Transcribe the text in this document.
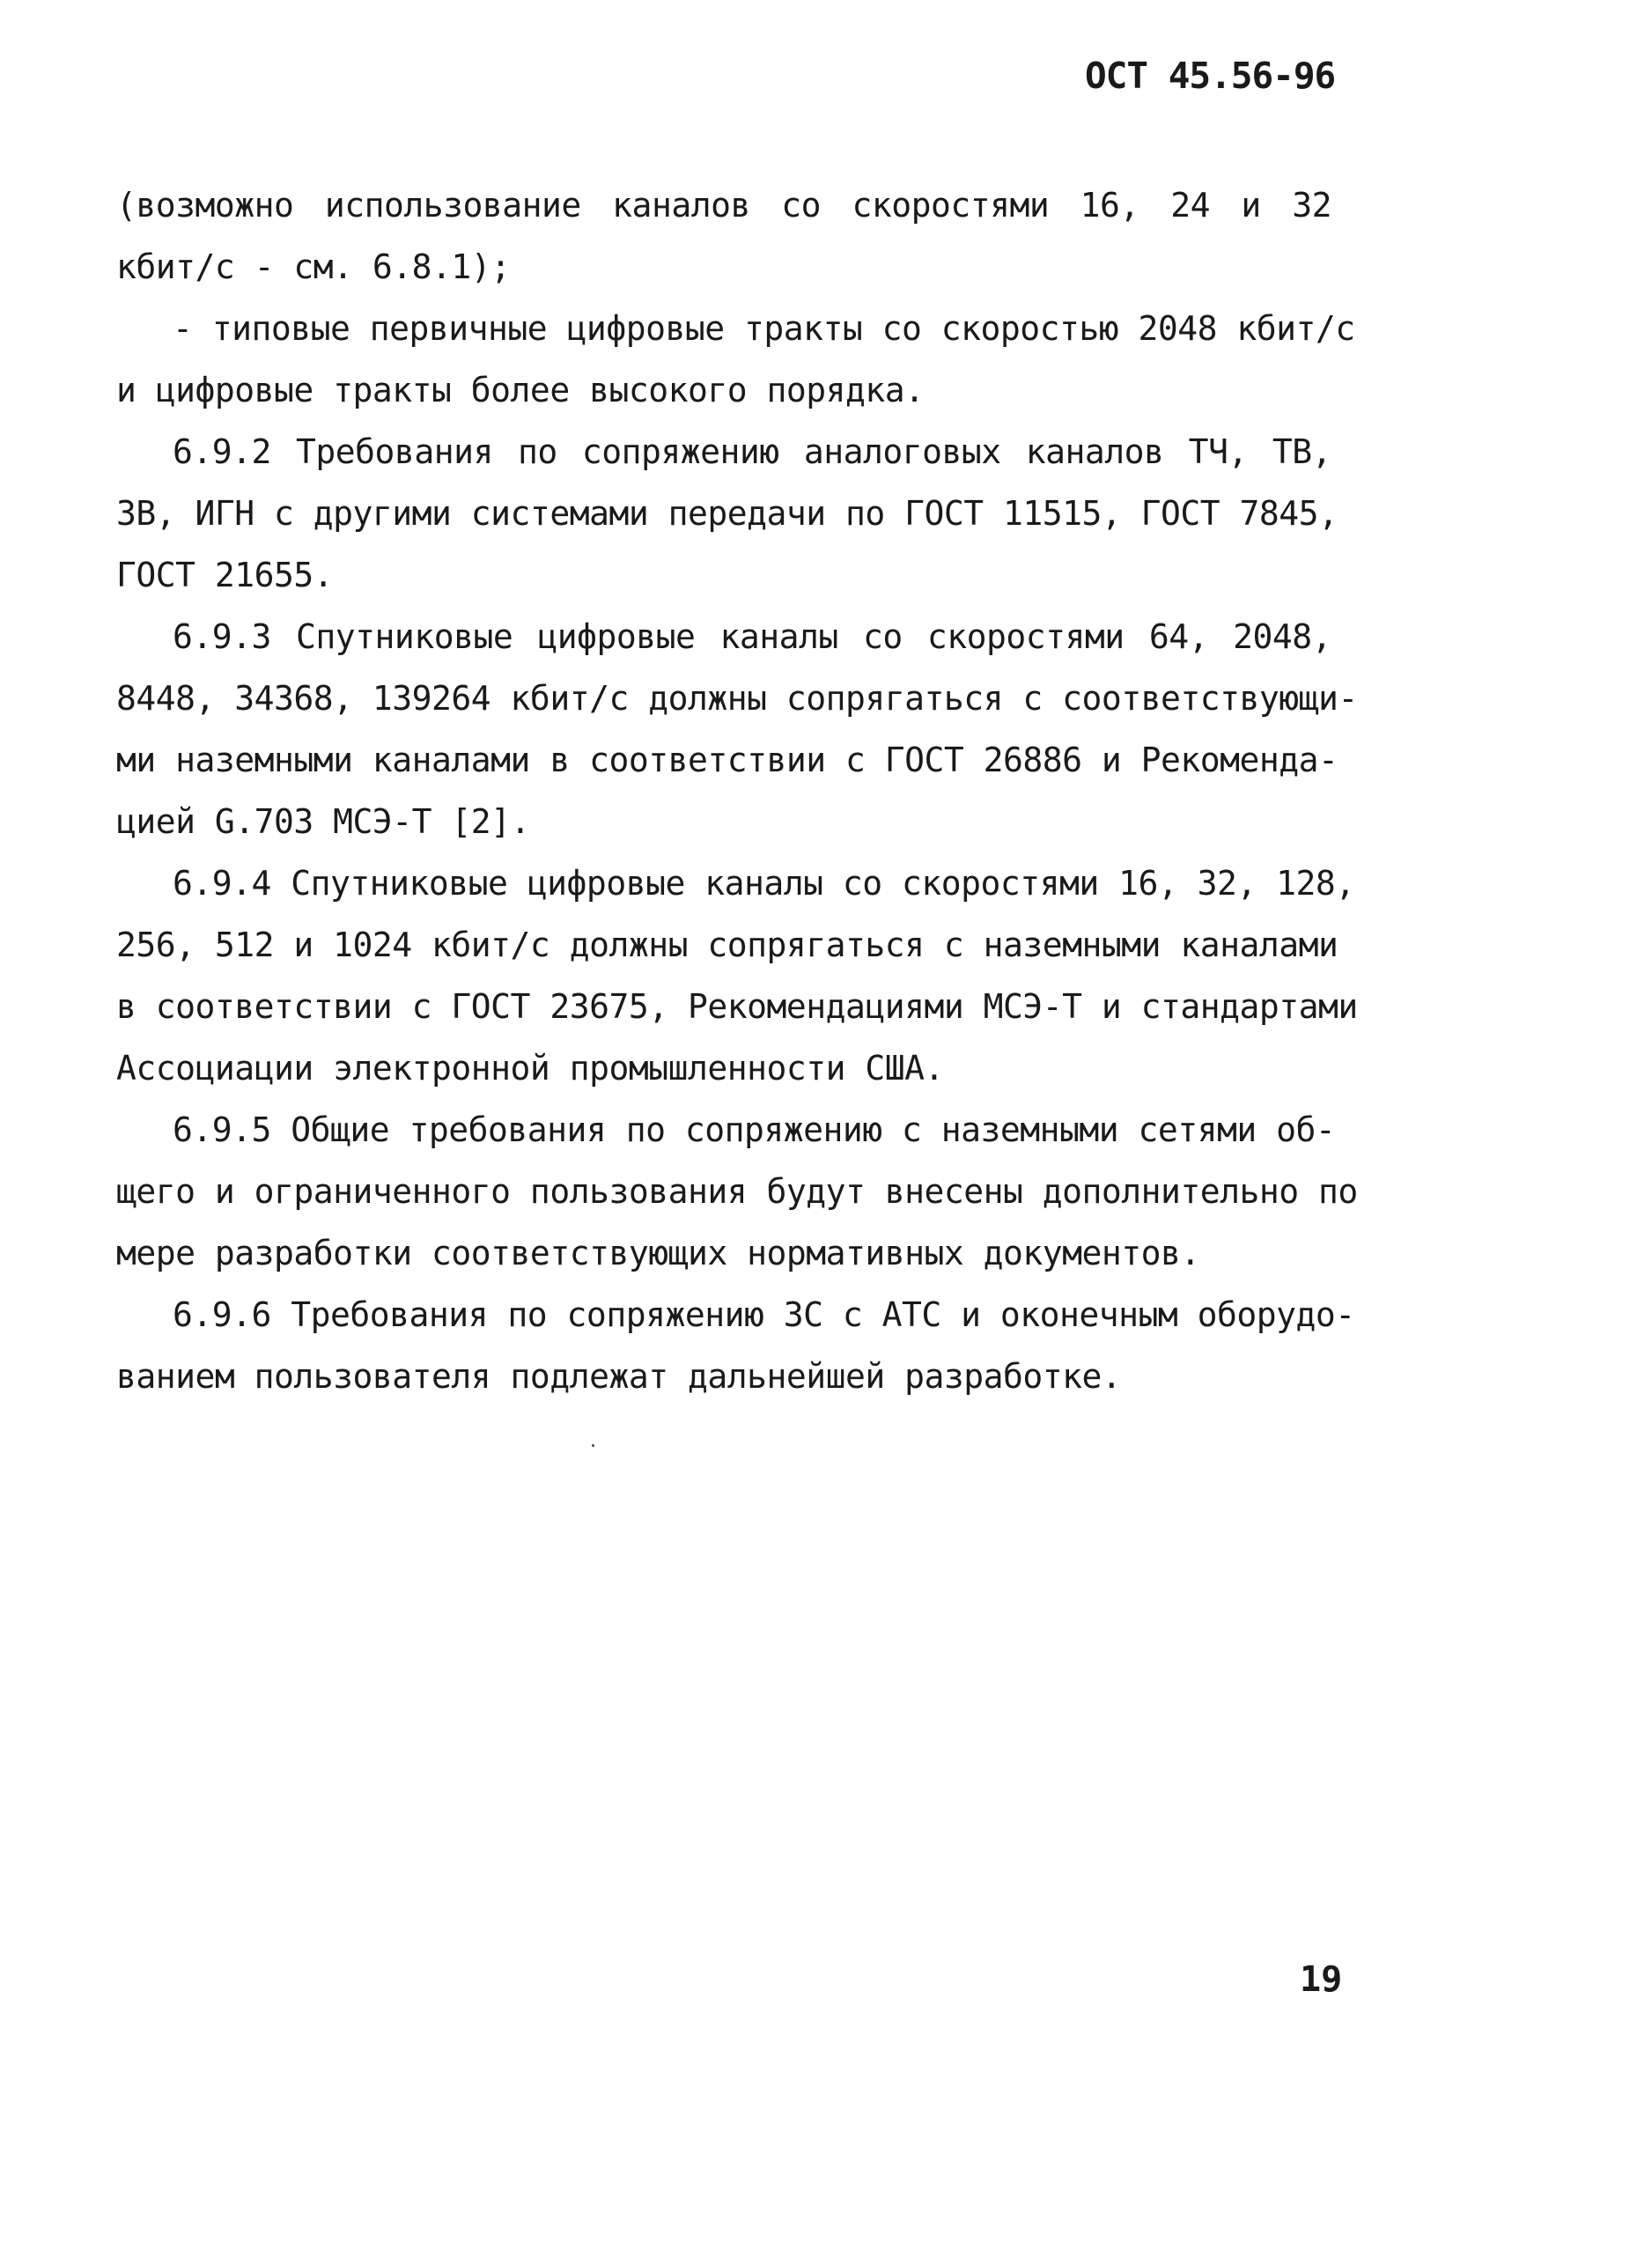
ОСТ 45.56-96
(возможно использование каналов со скоростями 16, 24 и 32
кбит/с - см. 6.8.1);
- типовые первичные цифровые тракты со скоростью 2048 кбит/с
и цифровые тракты более высокого порядка.
6.9.2 Требования по сопряжению аналоговых каналов ТЧ, ТВ,
ЗВ, ИГН с другими системами передачи по ГОСТ 11515, ГОСТ 7845,
ГОСТ 21655.
6.9.3 Спутниковые цифровые каналы со скоростями 64, 2048,
8448, 34368, 139264 кбит/с должны сопрягаться с соответствующи-
ми наземными каналами в соответствии с ГОСТ 26886 и Рекоменда-
цией G.703 МСЭ-Т [2].
6.9.4 Спутниковые цифровые каналы со скоростями 16, 32, 128,
256, 512 и 1024 кбит/с должны сопрягаться с наземными каналами
в соответствии с ГОСТ 23675, Рекомендациями МСЭ-Т и стандартами
Ассоциации электронной промышленности США.
6.9.5 Общие требования по сопряжению с наземными сетями об-
щего и ограниченного пользования будут внесены дополнительно по
мере разработки соответствующих нормативных документов.
6.9.6 Требования по сопряжению ЗС с АТС и оконечным оборудо-
ванием пользователя подлежат дальнейшей разработке.
19
